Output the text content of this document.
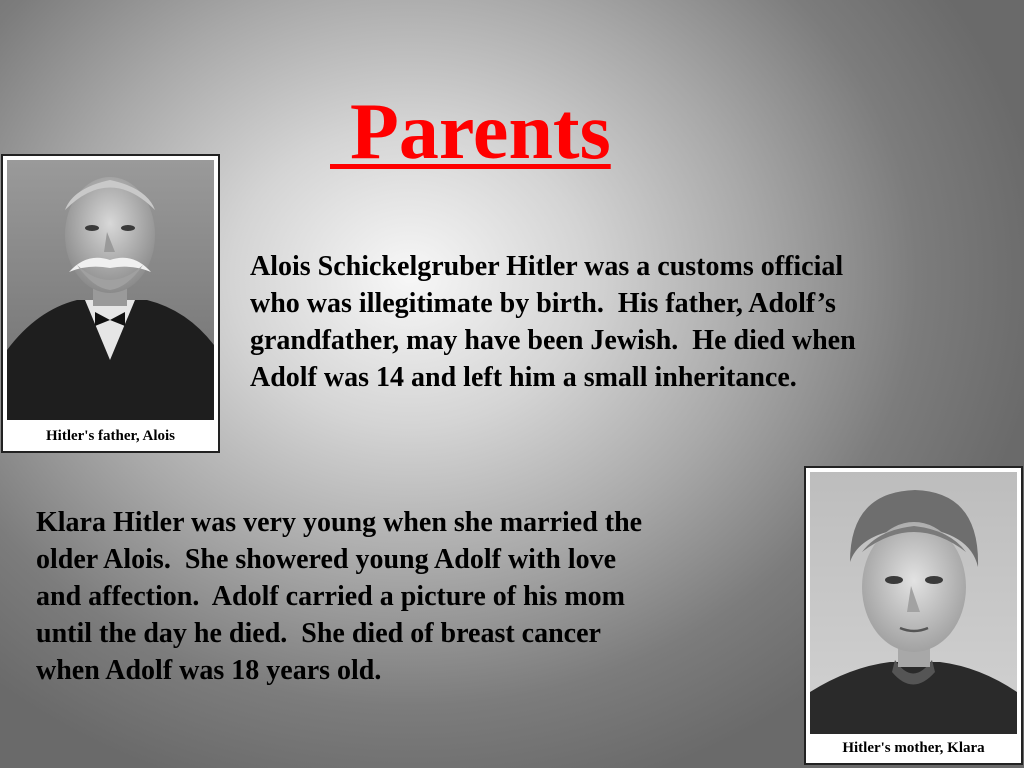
Parents
Hitler's father, Alois
Alois Schickelgruber Hitler was a customs official
who was illegitimate by birth.  His father, Adolf’s
grandfather, may have been Jewish.  He died when
Adolf was 14 and left him a small inheritance.
Klara Hitler was very young when she married the
older Alois.  She showered young Adolf with love
and affection.  Adolf carried a picture of his mom
until the day he died.  She died of breast cancer
when Adolf was 18 years old.
Hitler's mother, Klara
